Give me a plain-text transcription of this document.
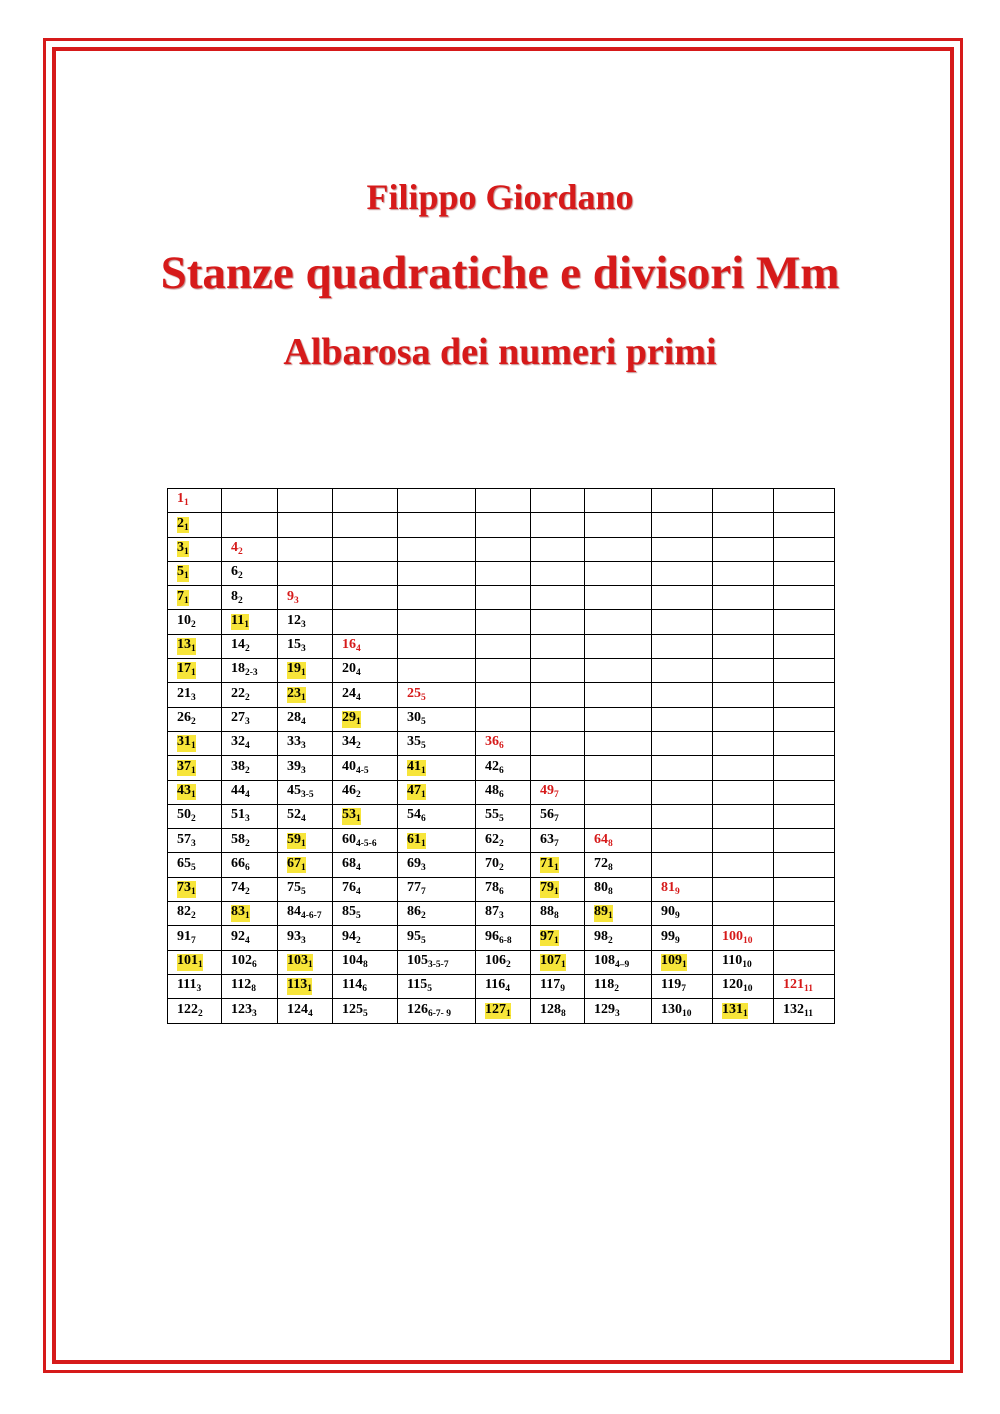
Filippo Giordano
Stanze quadratiche e divisori Mm
Albarosa dei numeri primi
$1_1$										
$2_1$										
$3_1$	$4_2$									
$5_1$	$6_2$									
$7_1$	$8_2$	$9_3$								
$10_2$	$11_1$	$12_3$								
$13_1$	$14_2$	$15_3$	$16_4$							
$17_1$	$18_{2-3}$	$19_1$	$20_4$							
$21_3$	$22_2$	$23_1$	$24_4$	$25_5$						
$26_2$	$27_3$	$28_4$	$29_1$	$30_5$						
$31_1$	$32_4$	$33_3$	$34_2$	$35_5$	$36_6$					
$37_1$	$38_2$	$39_3$	$40_{4-5}$	$41_1$	$42_6$					
$43_1$	$44_4$	$45_{3-5}$	$46_2$	$47_1$	$48_6$	$49_7$				
$50_2$	$51_3$	$52_4$	$53_1$	$54_6$	$55_5$	$56_7$				
$57_3$	$58_2$	$59_1$	$60_{4-5-6}$	$61_1$	$62_2$	$63_7$	$64_8$			
$65_5$	$66_6$	$67_1$	$68_4$	$69_3$	$70_2$	$71_1$	$72_8$			
$73_1$	$74_2$	$75_5$	$76_4$	$77_7$	$78_6$	$79_1$	$80_8$	$81_9$		
$82_2$	$83_1$	$84_{4-6-7}$	$85_5$	$86_2$	$87_3$	$88_8$	$89_1$	$90_9$		
$91_7$	$92_4$	$93_3$	$94_2$	$95_5$	$96_{6-8}$	$97_1$	$98_2$	$99_9$	$100_{10}$	
$101_1$	$102_6$	$103_1$	$104_8$	$105_{3-5-7}$	$106_2$	$107_1$	$108_{4-9}$	$109_1$	$110_{10}$	
$111_3$	$112_8$	$113_1$	$114_6$	$115_5$	$116_4$	$117_9$	$118_2$	$119_7$	$120_{10}$	$121_{11}$
$122_2$	$123_3$	$124_4$	$125_5$	$126_{6-7- 9}$	$127_1$	$128_8$	$129_3$	$130_{10}$	$131_1$	$132_{11}$
